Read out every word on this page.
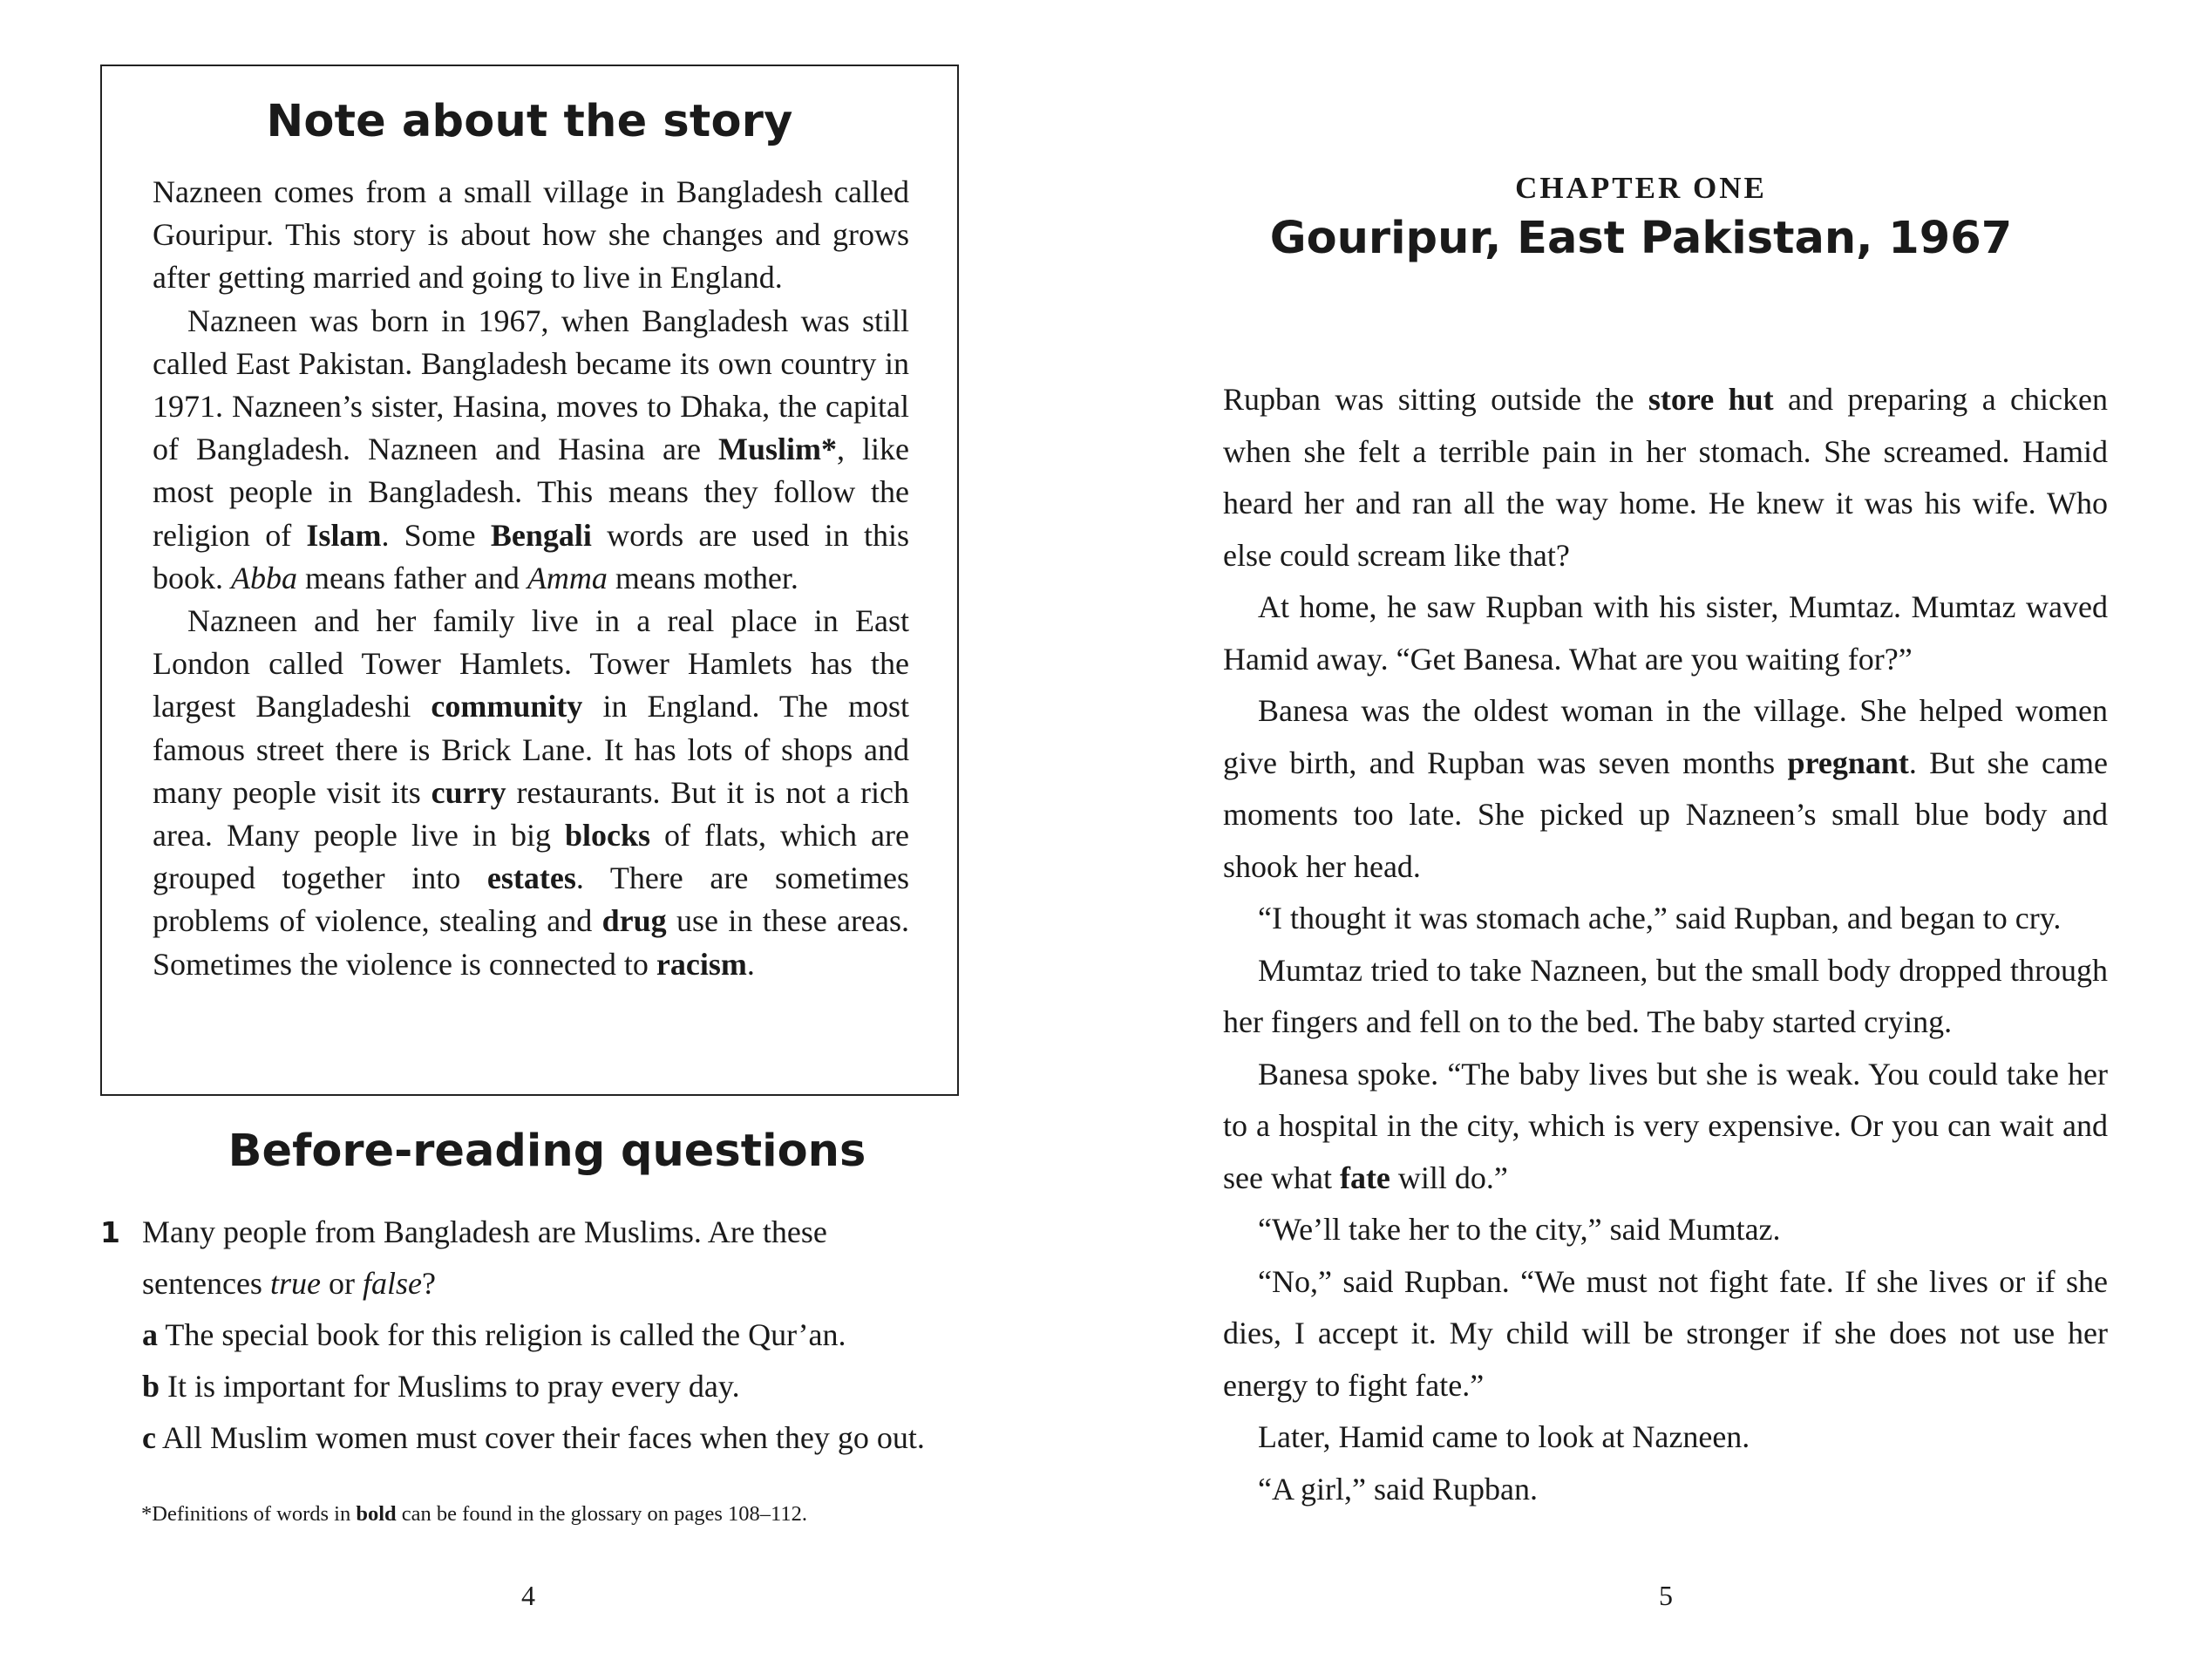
Note about the story

Nazneen comes from a small village in Bangladesh called Gouripur. This story is about how she changes and grows after getting married and going to live in England.

Nazneen was born in 1967, when Bangladesh was still called East Pakistan. Bangladesh became its own country in 1971. Nazneen’s sister, Hasina, moves to Dhaka, the capital of Bangladesh. Nazneen and Hasina are Muslim*, like most people in Bangladesh. This means they follow the religion of Islam. Some Bengali words are used in this book. Abba means father and Amma means mother.

Nazneen and her family live in a real place in East London called Tower Hamlets. Tower Hamlets has the largest Bangladeshi community in England. The most famous street there is Brick Lane. It has lots of shops and many people visit its curry restaurants. But it is not a rich area. Many people live in big blocks of flats, which are grouped together into estates. There are sometimes problems of violence, stealing and drug use in these areas. Sometimes the violence is connected to racism.

Before-reading questions
1 Many people from Bangladesh are Muslims. Are these
sentences true or false?
a The special book for this religion is called the Qur’an.
b It is important for Muslims to pray every day.
c All Muslim women must cover their faces when they go out.
*Definitions of words in bold can be found in the glossary on pages 108–112.
4

CHAPTER ONE

Gouripur, East Pakistan, 1967

Rupban was sitting outside the store hut and preparing a chicken when she felt a terrible pain in her stomach. She screamed. Hamid heard her and ran all the way home. He knew it was his wife. Who else could scream like that?

At home, he saw Rupban with his sister, Mumtaz. Mumtaz waved Hamid away. “Get Banesa. What are you waiting for?”

Banesa was the oldest woman in the village. She helped women give birth, and Rupban was seven months pregnant. But she came moments too late. She picked up Nazneen’s small blue body and shook her head.

“I thought it was stomach ache,” said Rupban, and began to cry.

Mumtaz tried to take Nazneen, but the small body dropped through her fingers and fell on to the bed. The baby started crying.

Banesa spoke. “The baby lives but she is weak. You could take her to a hospital in the city, which is very expensive. Or you can wait and see what fate will do.”

“We’ll take her to the city,” said Mumtaz.

“No,” said Rupban. “We must not fight fate. If she lives or if she dies, I accept it. My child will be stronger if she does not use her energy to fight fate.”

Later, Hamid came to look at Nazneen.

“A girl,” said Rupban.

5
